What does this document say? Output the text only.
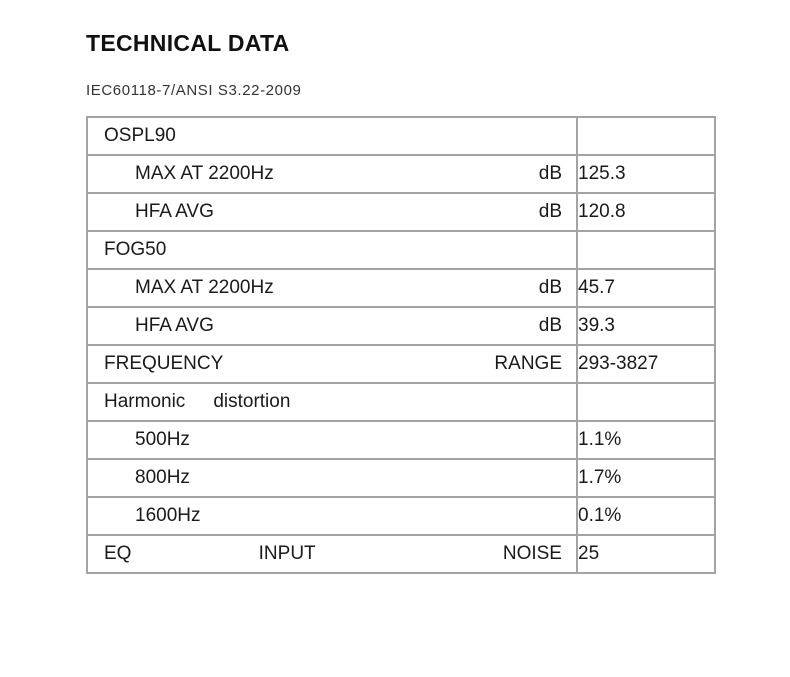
TECHNICAL DATA
IEC60118-7/ANSI S3.22-2009
OSPL90	

MAX AT 2200Hz dB	125.3

HFA AVG dB	120.8

FOG50	

MAX AT 2200Hz dB	45.7

HFA AVG dB	39.3

FREQUENCY RANGE	293-3827

Harmonic distortion	

500Hz	1.1%

800Hz	1.7%

1600Hz	0.1%

EQ INPUT NOISE	25
